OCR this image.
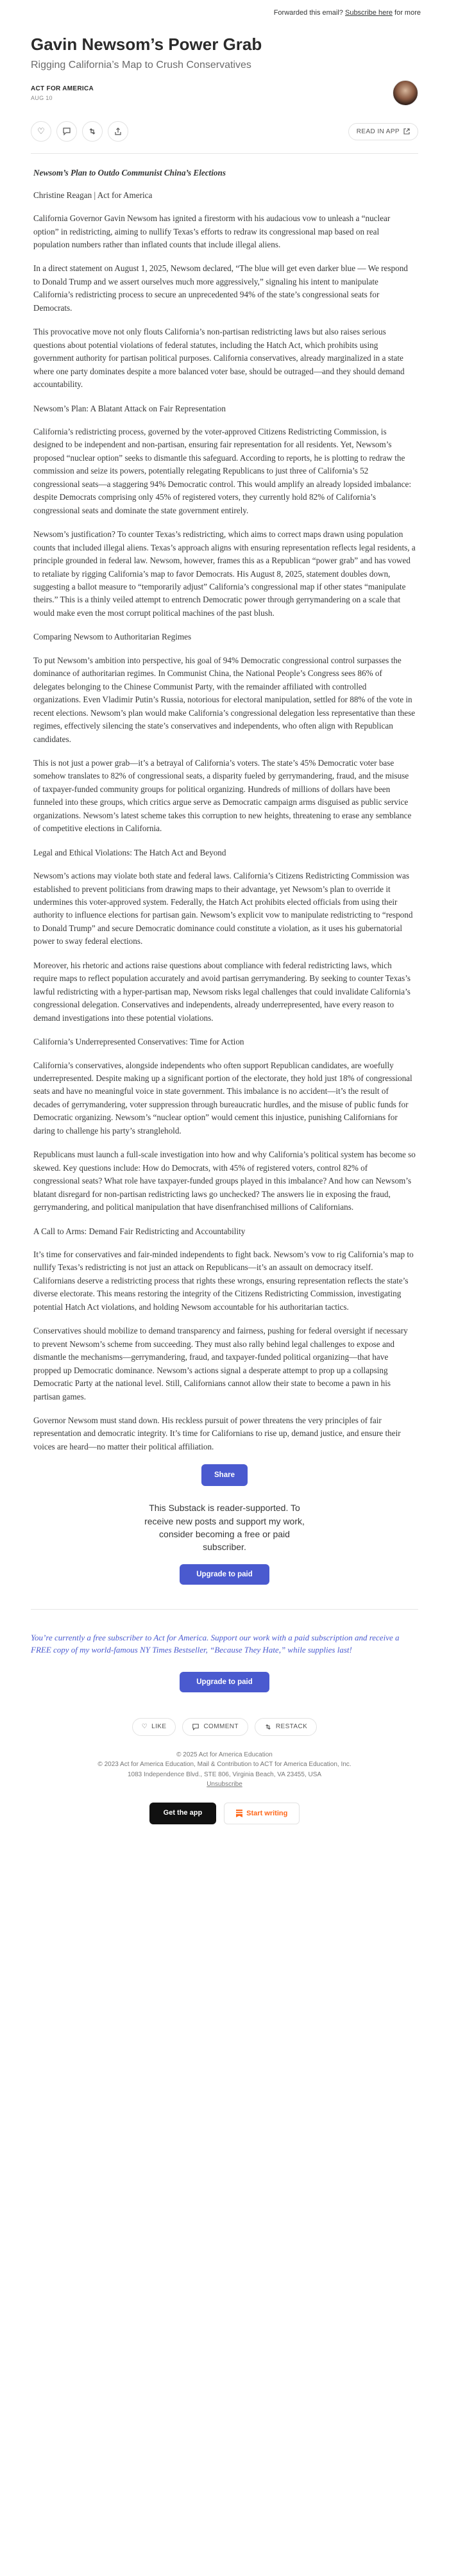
Forwarded this email? Subscribe here for more
Gavin Newsom’s Power Grab
Rigging California’s Map to Crush Conservatives
ACT FOR AMERICA
AUG 10
♡	READ IN APP

Newsom’s Plan to Outdo Communist China’s Elections

Christine Reagan | Act for America

California Governor Gavin Newsom has ignited a firestorm with his audacious vow to unleash a “nuclear option” in redistricting, aiming to nullify Texas’s efforts to redraw its congressional map based on real population numbers rather than inflated counts that include illegal aliens.

In a direct statement on August 1, 2025, Newsom declared, “The blue will get even darker blue — We respond to Donald Trump and we assert ourselves much more aggressively,” signaling his intent to manipulate California’s redistricting process to secure an unprecedented 94% of the state’s congressional seats for Democrats.

This provocative move not only flouts California’s non-partisan redistricting laws but also raises serious questions about potential violations of federal statutes, including the Hatch Act, which prohibits using government authority for partisan political purposes. California conservatives, already marginalized in a state where one party dominates despite a more balanced voter base, should be outraged—and they should demand accountability.

Newsom’s Plan: A Blatant Attack on Fair Representation

California’s redistricting process, governed by the voter-approved Citizens Redistricting Commission, is designed to be independent and non-partisan, ensuring fair representation for all residents. Yet, Newsom’s proposed “nuclear option” seeks to dismantle this safeguard. According to reports, he is plotting to redraw the commission and seize its powers, potentially relegating Republicans to just three of California’s 52 congressional seats—a staggering 94% Democratic control. This would amplify an already lopsided imbalance: despite Democrats comprising only 45% of registered voters, they currently hold 82% of California’s congressional seats and dominate the state government entirely.

Newsom’s justification? To counter Texas’s redistricting, which aims to correct maps drawn using population counts that included illegal aliens. Texas’s approach aligns with ensuring representation reflects legal residents, a principle grounded in federal law. Newsom, however, frames this as a Republican “power grab” and has vowed to retaliate by rigging California’s map to favor Democrats. His August 8, 2025, statement doubles down, suggesting a ballot measure to “temporarily adjust” California’s congressional map if other states “manipulate theirs.” This is a thinly veiled attempt to entrench Democratic power through gerrymandering on a scale that would make even the most corrupt political machines of the past blush.

Comparing Newsom to Authoritarian Regimes

To put Newsom’s ambition into perspective, his goal of 94% Democratic congressional control surpasses the dominance of authoritarian regimes. In Communist China, the National People’s Congress sees 86% of delegates belonging to the Chinese Communist Party, with the remainder affiliated with controlled organizations. Even Vladimir Putin’s Russia, notorious for electoral manipulation, settled for 88% of the vote in recent elections. Newsom’s plan would make California’s congressional delegation less representative than these regimes, effectively silencing the state’s conservatives and independents, who often align with Republican candidates.

This is not just a power grab—it’s a betrayal of California’s voters. The state’s 45% Democratic voter base somehow translates to 82% of congressional seats, a disparity fueled by gerrymandering, fraud, and the misuse of taxpayer-funded community groups for political organizing. Hundreds of millions of dollars have been funneled into these groups, which critics argue serve as Democratic campaign arms disguised as public service organizations. Newsom’s latest scheme takes this corruption to new heights, threatening to erase any semblance of competitive elections in California.

Legal and Ethical Violations: The Hatch Act and Beyond

Newsom’s actions may violate both state and federal laws. California’s Citizens Redistricting Commission was established to prevent politicians from drawing maps to their advantage, yet Newsom’s plan to override it undermines this voter-approved system. Federally, the Hatch Act prohibits elected officials from using their authority to influence elections for partisan gain. Newsom’s explicit vow to manipulate redistricting to “respond to Donald Trump” and secure Democratic dominance could constitute a violation, as it uses his gubernatorial power to sway federal elections.

Moreover, his rhetoric and actions raise questions about compliance with federal redistricting laws, which require maps to reflect population accurately and avoid partisan gerrymandering. By seeking to counter Texas’s lawful redistricting with a hyper-partisan map, Newsom risks legal challenges that could invalidate California’s congressional delegation. Conservatives and independents, already underrepresented, have every reason to demand investigations into these potential violations.

California’s Underrepresented Conservatives: Time for Action

California’s conservatives, alongside independents who often support Republican candidates, are woefully underrepresented. Despite making up a significant portion of the electorate, they hold just 18% of congressional seats and have no meaningful voice in state government. This imbalance is no accident—it’s the result of decades of gerrymandering, voter suppression through bureaucratic hurdles, and the misuse of public funds for Democratic organizing. Newsom’s “nuclear option” would cement this injustice, punishing Californians for daring to challenge his party’s stranglehold.

Republicans must launch a full-scale investigation into how and why California’s political system has become so skewed. Key questions include: How do Democrats, with 45% of registered voters, control 82% of congressional seats? What role have taxpayer-funded groups played in this imbalance? And how can Newsom’s blatant disregard for non-partisan redistricting laws go unchecked? The answers lie in exposing the fraud, gerrymandering, and political manipulation that have disenfranchised millions of Californians.

A Call to Arms: Demand Fair Redistricting and Accountability

It’s time for conservatives and fair-minded independents to fight back. Newsom’s vow to rig California’s map to nullify Texas’s redistricting is not just an attack on Republicans—it’s an assault on democracy itself. Californians deserve a redistricting process that rights these wrongs, ensuring representation reflects the state’s diverse electorate. This means restoring the integrity of the Citizens Redistricting Commission, investigating potential Hatch Act violations, and holding Newsom accountable for his authoritarian tactics.

Conservatives should mobilize to demand transparency and fairness, pushing for federal oversight if necessary to prevent Newsom’s scheme from succeeding. They must also rally behind legal challenges to expose and dismantle the mechanisms—gerrymandering, fraud, and taxpayer-funded political organizing—that have propped up Democratic dominance. Newsom’s actions signal a desperate attempt to prop up a collapsing Democratic Party at the national level. Still, Californians cannot allow their state to become a pawn in his partisan games.

Governor Newsom must stand down. His reckless pursuit of power threatens the very principles of fair representation and democratic integrity. It’s time for Californians to rise up, demand justice, and ensure their voices are heard—no matter their political affiliation.

Share
This Substack is reader-supported. To receive new posts and support my work, consider becoming a free or paid subscriber.
Upgrade to paid
You’re currently a free subscriber to Act for America. Support our work with a paid subscription and receive a FREE copy of my world-famous NY Times Bestseller, “Because They Hate,” while supplies last!
Upgrade to paid
♡ LIKE	COMMENT	RESTACK
© 2025 Act for America Education
© 2023 Act for America Education, Mail & Contribution to ACT for America Education, Inc.
1083 Independence Blvd., STE 806, Virginia Beach, VA 23455, USA
Unsubscribe
Get the app	Start writing
